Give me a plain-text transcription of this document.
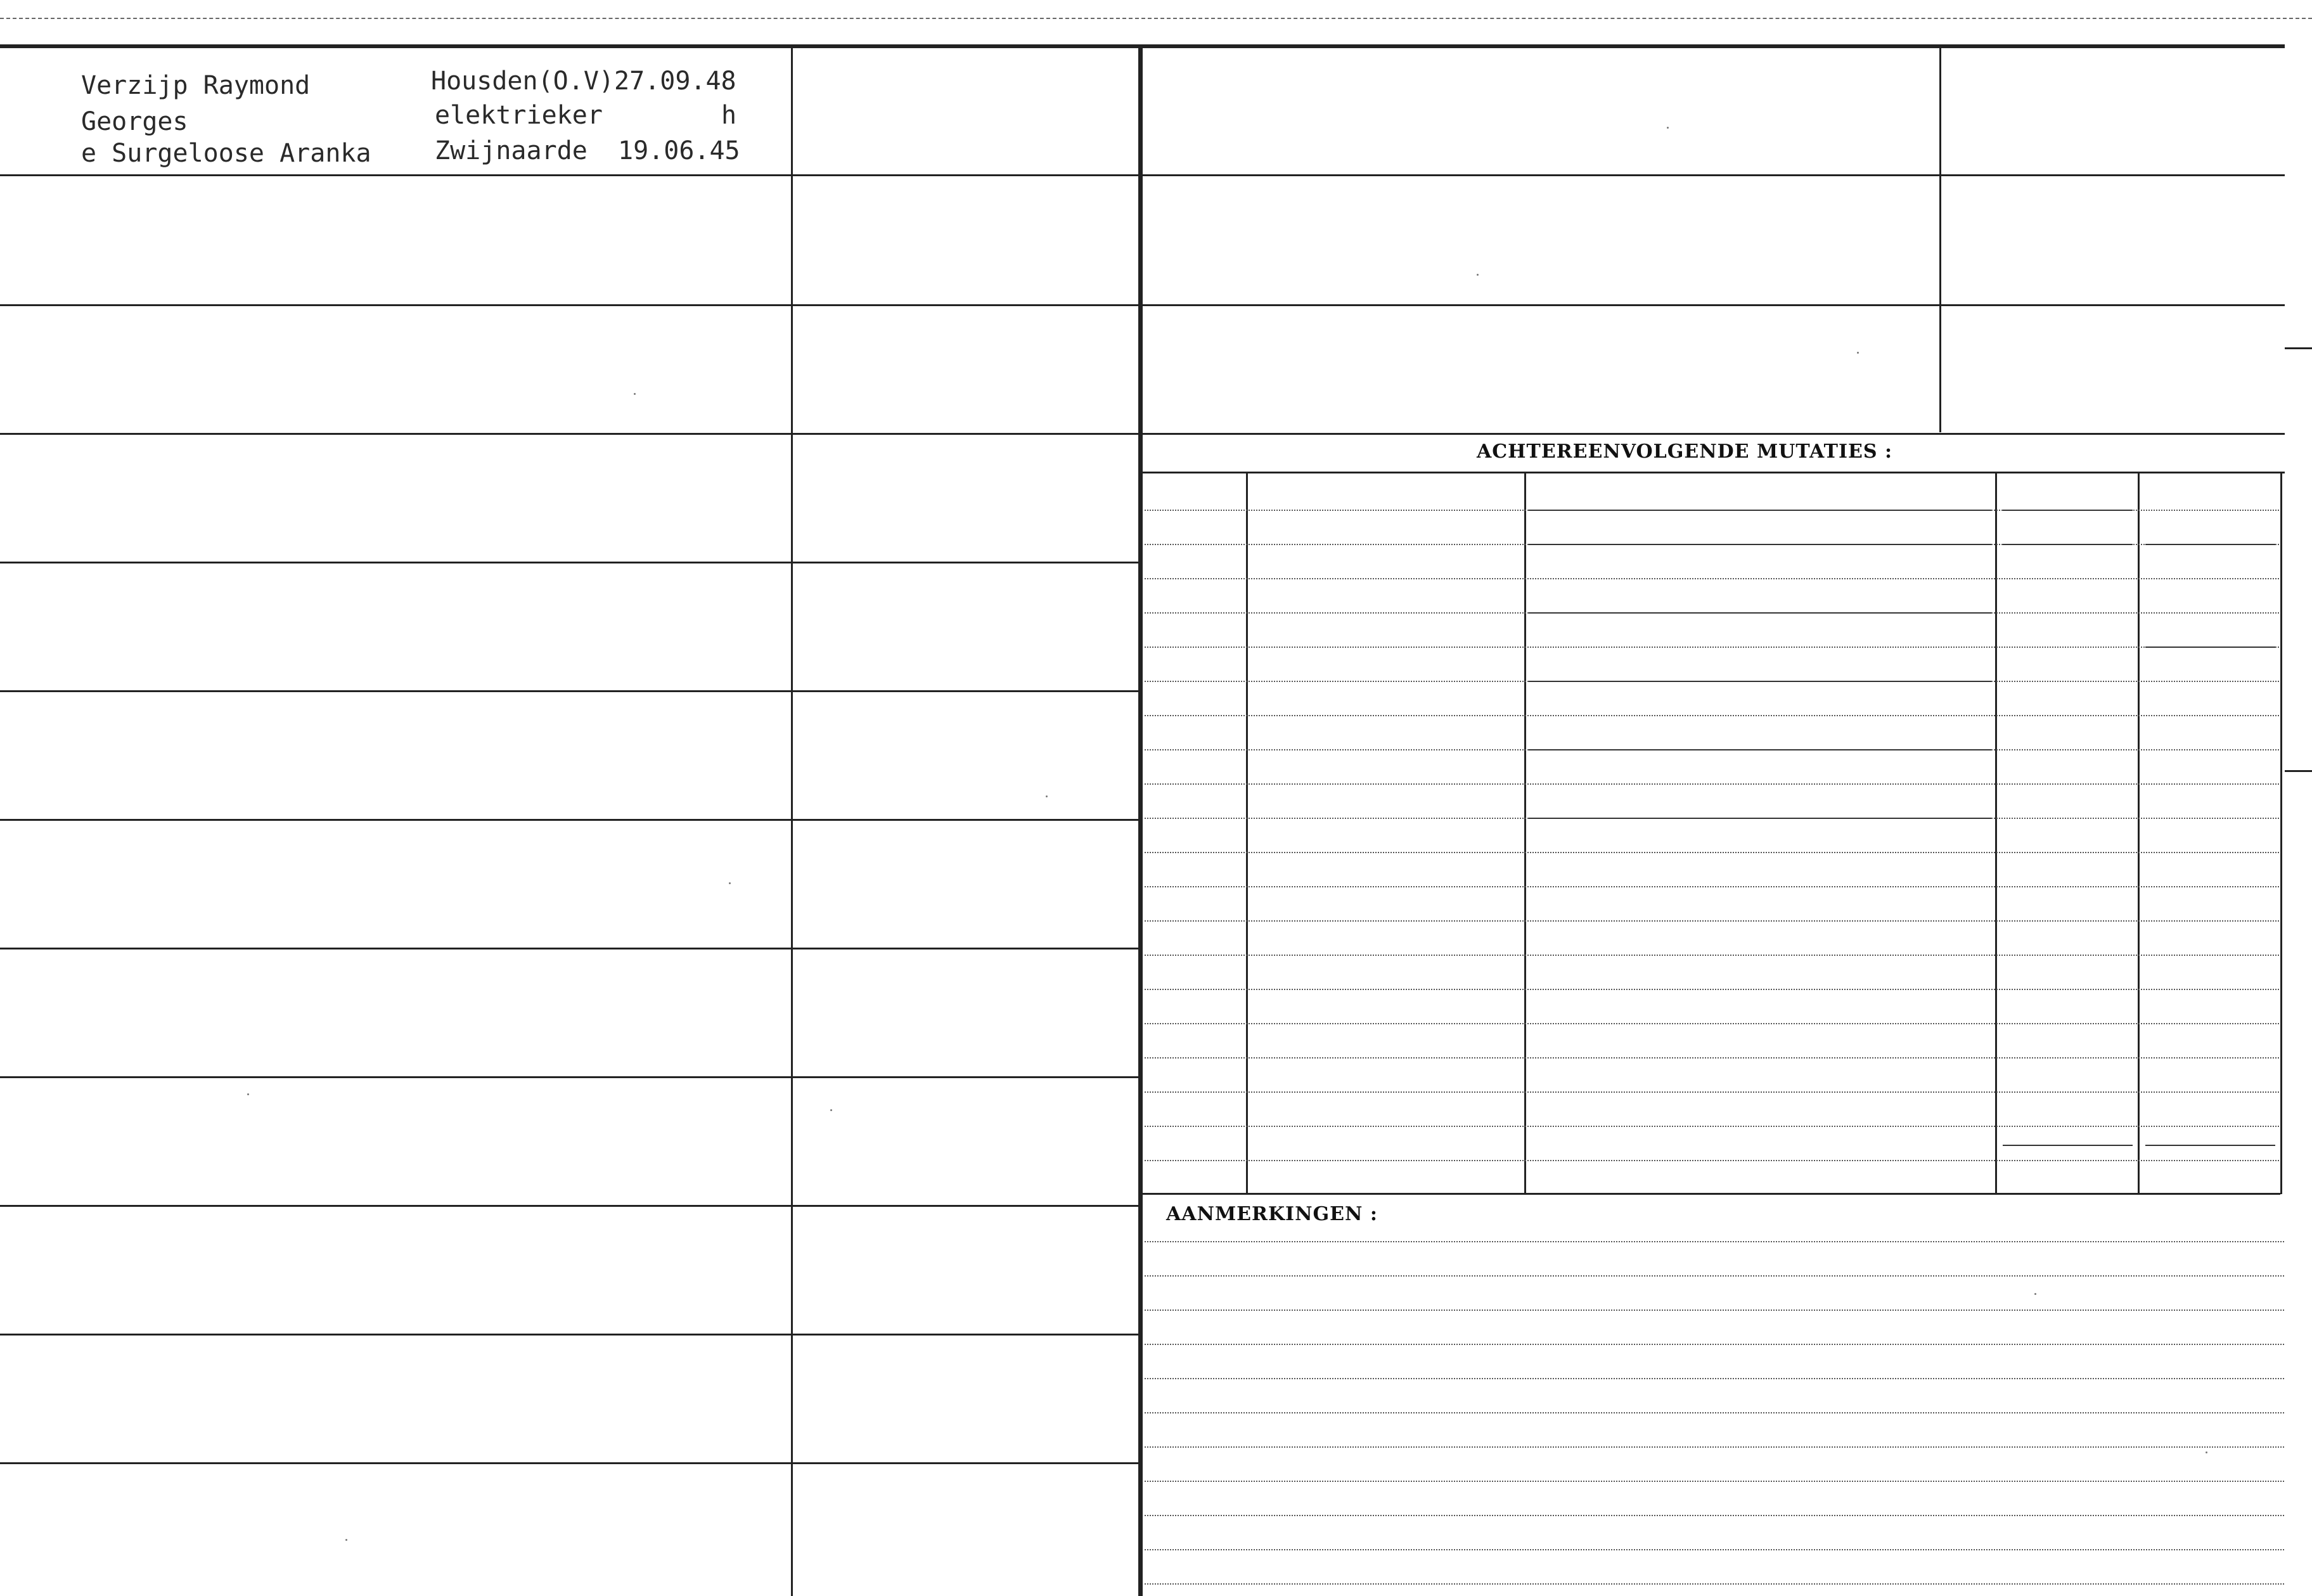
Verzijp Raymond
Georges
e Surgeloose Aranka
Housden(O.V)27.09.48
elektrieker	h
Zwijnaarde  19.06.45
ACHTEREENVOLGENDE MUTATIES :
AANMERKINGEN :
